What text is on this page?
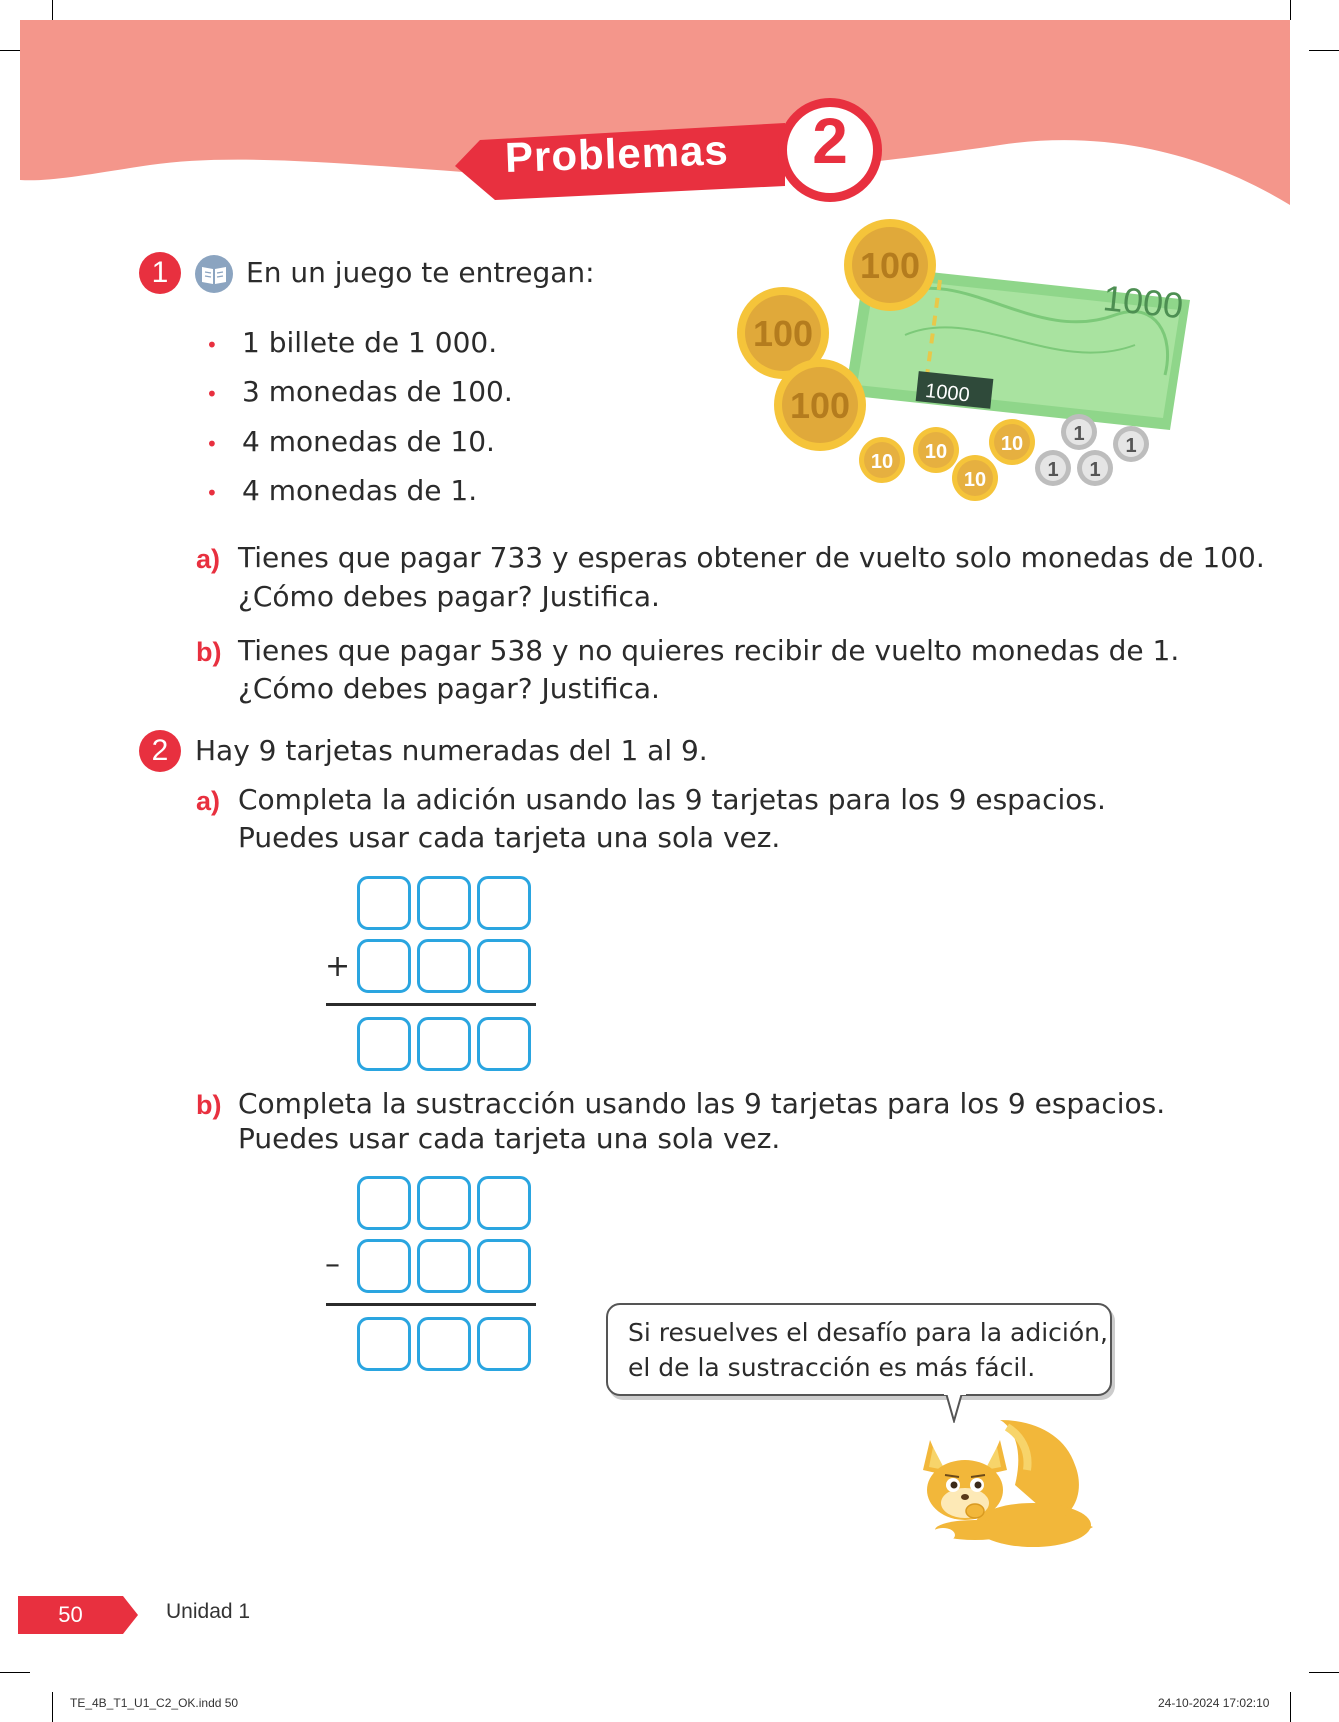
Problemas	2
1	En un juego te entregan:
• 1 billete de 1 000.
• 3 monedas de 100.
• 4 monedas de 10.
• 4 monedas de 1.
1000
1000
100
100
100
10 10
10
10	1
1 1
1
a) Tienes que pagar 733 y esperas obtener de vuelto solo monedas de 100.
¿Cómo debes pagar? Justifica.
b) Tienes que pagar 538 y no quieres recibir de vuelto monedas de 1.
¿Cómo debes pagar? Justifica.
2 Hay 9 tarjetas numeradas del 1 al 9.
a) Completa la adición usando las 9 tarjetas para los 9 espacios.
Puedes usar cada tarjeta una sola vez.
+
b) Completa la sustracción usando las 9 tarjetas para los 9 espacios.
Puedes usar cada tarjeta una sola vez.
–
Si resuelves el desafío para la adición,
el de la sustracción es más fácil.
50	Unidad 1
TE_4B_T1_U1_C2_OK.indd 50	24-10-2024 17:02:10
